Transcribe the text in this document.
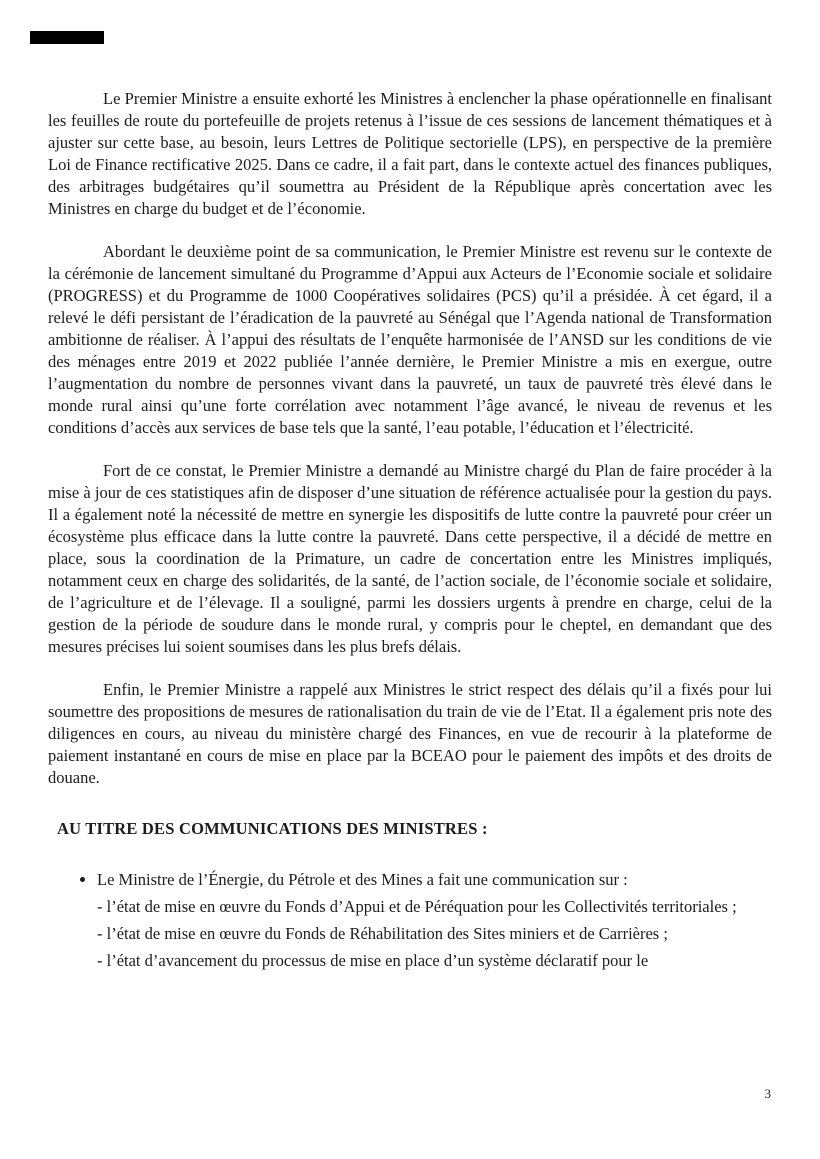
Le Premier Ministre a ensuite exhorté les Ministres à enclencher la phase opérationnelle en finalisant les feuilles de route du portefeuille de projets retenus à l’issue de ces sessions de lancement thématiques et à ajuster sur cette base, au besoin, leurs Lettres de Politique sectorielle (LPS), en perspective de la première Loi de Finance rectificative 2025. Dans ce cadre, il a fait part, dans le contexte actuel des finances publiques, des arbitrages budgétaires qu’il soumettra au Président de la République après concertation avec les Ministres en charge du budget et de l’économie.

Abordant le deuxième point de sa communication, le Premier Ministre est revenu sur le contexte de la cérémonie de lancement simultané du Programme d’Appui aux Acteurs de l’Economie sociale et solidaire (PROGRESS) et du Programme de 1000 Coopératives solidaires (PCS) qu’il a présidée. À cet égard, il a relevé le défi persistant de l’éradication de la pauvreté au Sénégal que l’Agenda national de Transformation ambitionne de réaliser. À l’appui des résultats de l’enquête harmonisée de l’ANSD sur les conditions de vie des ménages entre 2019 et 2022 publiée l’année dernière, le Premier Ministre a mis en exergue, outre l’augmentation du nombre de personnes vivant dans la pauvreté, un taux de pauvreté très élevé dans le monde rural ainsi qu’une forte corrélation avec notamment l’âge avancé, le niveau de revenus et les conditions d’accès aux services de base tels que la santé, l’eau potable, l’éducation et l’électricité.

Fort de ce constat, le Premier Ministre a demandé au Ministre chargé du Plan de faire procéder à la mise à jour de ces statistiques afin de disposer d’une situation de référence actualisée pour la gestion du pays. Il a également noté la nécessité de mettre en synergie les dispositifs de lutte contre la pauvreté pour créer un écosystème plus efficace dans la lutte contre la pauvreté. Dans cette perspective, il a décidé de mettre en place, sous la coordination de la Primature, un cadre de concertation entre les Ministres impliqués, notamment ceux en charge des solidarités, de la santé, de l’action sociale, de l’économie sociale et solidaire, de l’agriculture et de l’élevage. Il a souligné, parmi les dossiers urgents à prendre en charge, celui de la gestion de la période de soudure dans le monde rural, y compris pour le cheptel, en demandant que des mesures précises lui soient soumises dans les plus brefs délais.

Enfin, le Premier Ministre a rappelé aux Ministres le strict respect des délais qu’il a fixés pour lui soumettre des propositions de mesures de rationalisation du train de vie de l’Etat. Il a également pris note des diligences en cours, au niveau du ministère chargé des Finances, en vue de recourir à la plateforme de paiement instantané en cours de mise en place par la BCEAO pour le paiement des impôts et des droits de douane.

AU TITRE DES COMMUNICATIONS DES MINISTRES :
• Le Ministre de l’Énergie, du Pétrole et des Mines a fait une communication sur :
- l’état de mise en œuvre du Fonds d’Appui et de Péréquation pour les Collectivités territoriales ;
- l’état de mise en œuvre du Fonds de Réhabilitation des Sites miniers et de Carrières ;
- l’état d’avancement du processus de mise en place d’un système déclaratif pour le
3
